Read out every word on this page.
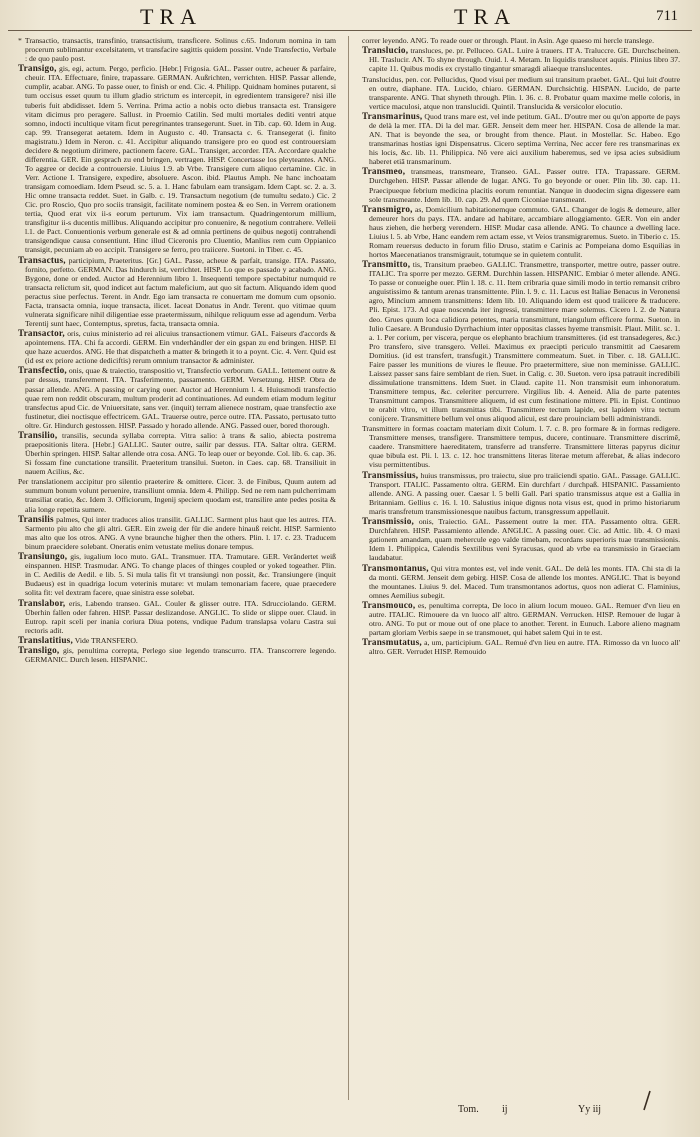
TRA	TRA	711

* Transactio, transactis, transfinio, transactisium, transficere. Solinus c.65. Indorum nomina in tam procerum sublimantur excelsitatem, vt transfacire sagittis quidem possint. Vnde Transfectio, Verbale : de quo paulo post.

Transigo, gis, egi, actum. Pergo, perficio. [Hebr.] Frigosia. GAL. Passer outre, acheuer & parfaire, cheuir. ITA. Effectuare, finire, trapassare. GERMAN. Außrichten, verrichten. HISP. Passar allende, cumplir, acabar. ANG. To passe ouer, to finish or end. Cic. 4. Philipp. Quidnam homines putarent, si tum occisus esset quum tu illum gladio strictum es intercepit, in egredientem transigere? nisi ille tuberis fuit abdidisset. Idem 5. Verrina. Prima actio a nobis octo diebus transacta est. Transigere vitam dicimus pro peragere. Sallust. in Proemio Catilin. Sed multi mortales dediti ventri atque somno, indocti incultique vitam ficut peregrinantes transegerunt. Suet. in Tib. cap. 60. Idem in Aug. cap. 99. Transegerat aetatem. Idem in Augusto c. 40. Transacta c. 6. Transegerat (i. finito magistratu.) Idem in Neron. c. 41. Accipitur aliquando transigere pro eo quod est controuersiam decidere & negotium dirimere, pactionem facere. GAL. Transiger, accorder. ITA. Accordare qualche differentia. GER. Ein gesprach zu end bringen, vertragen. HISP. Concertasse los pleyteantes. ANG. To aggree or decide a controuersie. Liuius 1.9. ab Vrbe. Transigere cum aliquo certamine. Cic. in Verr. Actione I. Transigere, expedire, absoluere. Ascon. ibid. Plautus Amph. Ne hanc inchoatam transigam comoediam. Idem Pseud. sc. 5. a. 1. Hanc fabulam eam transigam. Idem Capt. sc. 2. a. 3. Hic omne transacta reddet. Suet. in Galb. c. 19. Transactum negotium (de tumultu sedato.) Cic. 2 Cic. pro Roscio, Quo pro sociis transigit, facilitate nominem postea & eo Sen. in Verrem orationem tertia, Quod erat vix ii-s eorum perturum. Vix iam transactum. Quadringentorum millium, transfigitur ii-s ducentis millibus. Aliquando accipitur pro conuenire, & negotium contrahere. Velleii l.1. de Pact. Conuentionis verbum generale est & ad omnia pertinens de quibus negotij contrahendi transigendique causa consentiunt. Hinc illud Ciceronis pro Cluentio, Manlius rem cum Oppianico transigit, pecuniam ab eo accipit. Transigere se ferro, pro traiicere. Suetoni. in Tiber. c. 45.

Transactus, participium, Praeteritus. [Gr.] GAL. Passe, acheue & parfait, transige. ITA. Passato, fornito, perfetto. GERMAN. Das hindurch ist, verrichtet. HISP. Lo que es passado y acabado. ANG. Bygone, done or ended. Auctor ad Herennium libro 1. Insequenti tempore spectabitur numquid re transacta relictum sit, quod indicet aut factum maleficium, aut quo sit factum. Aliquando idem quod peractus siue perfectus. Terent. in Andr. Ego iam transacta re conuertam me domum cum opsonio. Facta, transacta omnia, iuque transacta, ilicet. Iaceat Donatus in Andr. Terent. quo vitimae quum vulnerata significare nihil diligentiae esse praetermissum, nihilque reliquum esse ad agendum. Verba Terentij sunt haec, Contemptus, spretus, facta, transacta omnia.

Transactor, oris, cuius ministerio ad rei alicuius transactionem vtimur. GAL. Faiseurs d'accords & apointemens. ITA. Chi fa accordi. GERM. Ein vnderhändler der ein gspan zu end bringen. HISP. El que haze acuerdos. ANG. He that dispatcheth a matter & bringeth it to a poynt. Cic. 4. Verr. Quid est (id est ex priore actione dediciftis) rerum omnium transactor & administer.

Transfectio, onis, quae & traiectio, transpositio vt, Transfectio verborum. GALL. Iettement outre & par dessus, transferement. ITA. Trasferimento, passamento. GERM. Versetzung. HISP. Obra de passar allende. ANG. A passing or carying ouer. Auctor ad Herennium l. 4. Huiusmodi transfectio quae rem non reddit obscuram, multum proderit ad continuationes. Ad eundem etiam modum legitur transfectus apud Cic. de Vniuersitate, sans ver. (inquit) terram alienece nostram, quae transfectio axe fustinetur, diei noctisque effectricem. GAL. Trauerse outre, perce outre. ITA. Passato, pertusato tutto oltre. Gr. Hindurch gestossen. HISP. Passado y horado allende. ANG. Passed ouer, bored thorough.

Transilio, transilis, secunda syllaba correpta. Vitra salio: à trans & salio, abiecta postrema praepositionis litera. [Hebr.] GALLIC. Sauter outre, sailir par dessus. ITA. Saltar oltra. GERM. Überhin springen. HISP. Saltar allende otra cosa. ANG. To leap ouer or beyonde. Col. lib. 6. cap. 36. Si fossam fine cunctatione transilit. Praeteritum transilui. Sueton. in Caes. cap. 68. Transiliuit in nauem Acilius, &c.

Per translationem accipitur pro silentio praeterire & omittere. Cicer. 3. de Finibus, Quum autem ad summum bonum volunt peruenire, transiliunt omnia. Idem 4. Philipp. Sed ne rem nam pulcherrimam transiliat oratio, &c. Idem 3. Officiorum, Ingenij speciem quodam est, transilire ante pedes posita & alia longe repetita sumere.

Transilis palmes, Qui inter traduces alios transilit. GALLIC. Sarment plus haut que les autres. ITA. Sarmento piu alto che gli altri. GER. Ein zweig der für die andere hinauß reicht. HISP. Sarmiento mas alto que los otros. ANG. A vyne braunche higher then the others. Plin. l. 17. c. 23. Traducem binum praecidere solebant. Oneratis enim vetustate melius donare tempus.

Transiungo, gis, iugalium loco muto. GAL. Transmuer. ITA. Tramutare. GER. Verändertet weiß einspannen. HISP. Trasmudar. ANG. To change places of thinges coupled or yoked togeather. Plin. in C. Aedilis de Aedil. e lib. 5. Si mula talis fit vt transiungi non possit, &c. Transiungere (inquit Budaeus) est in quadriga locum veterinis mutare: vt mulam temonariam facere, quae praecedere solita fit: vel dextram facere, quae sinistra esse solebat.

Translabor, eris, Labendo transeo. GAL. Couler & glisser outre. ITA. Sdrucciolando. GERM. Überhin fallen oder fahren. HISP. Passar deslizandose. ANGLIC. To slide or slippe ouer. Claud. in Eutrop. rapit sceli per inania coriura Diua potens, vndique Padum translapsa volaru Castra sui rectoris adit.

Translatitius, Vide TRANSFERO.

Transligo, gis, penultima correpta, Perlego siue legendo transcurro. ITA. Transcorrere legendo. GERMANIC. Durch lesen. HISPANIC.

correr leyendo. ANG. To reade ouer or through. Plaut. in Asin. Age quaeso mi hercle translege.

Translucio, transluces, pe. pr. Pelluceo. GAL. Luire à trauers. IT A. Traluccre. GE. Durchscheinen. HI. Traslucir. AN. To shyne through. Ouid. l. 4. Metam. In liquidis translucet aquis. Plinius libro 37. capite 11. Quibus modis ex crystallo tingantur smaragdi aliaeque translucentes.

Translucidus, pen. cor. Pellucidus, Quod visui per medium sui transitum praebet. GAL. Qui luit d'outre en outre, diaphane. ITA. Lucido, chiaro. GERMAN. Durchsichtig. HISPAN. Lucido, de parte transparente. ANG. That shyneth through. Plin. l. 36. c. 8. Probatur quam maxime melle coloris, in vertice maculosi, atque non translucidi. Quintil. Translucida & versicolor elocutio.

Transmarinus, Quod trans mare est, vel inde petitum. GAL. D'outre mer ou qu'on apporte de pays de delà la mer. ITA. Di la del mar. GER. Jenseit dem meer her. HISPAN. Cosa de allende la mar. AN. That is beyonde the sea, or brought from thence. Plaut. in Mostellar. Sc. Habeo. Ego transmarinas hostias igni Dispensatrus. Cicero septima Verrina, Nec accer fere res transmarinas ex his locis, &c. lib. 11. Philippica. Nō vere aici auxilium haberemus, sed ve ipsa acies subsidium haberet etiā transmarinum.

Transmeo, transmeas, transmeare, Transeo. GAL. Passer outre. ITA. Trapassare. GERM. Durchgehen. HISP. Passar allende de lugar. ANG. To go beyonde or ouer. Plin lib. 30. cap. 11. Praecipueque febrium medicina placitis eorum renuntiat. Nanque in duodecim signa digessere eam sole transmeante. Idem lib. 10. cap. 29. Ad quem Ciconiae transmeant.

Transmigro, as, Domicilium habitationemque commuto. GAL. Changer de logis & demeure, aller demeurer hors du pays. ITA. andare ad habitare, accambiare alloggiamento. GER. Von ein ander haus ziehen, die herberg verendern. HISP. Mudar casa allende. ANG. To chaunce a dwelling lace. Liuius l. 5. ab Vrbe, Hanc eandem rem actam esse, vt Veios transmigraremus. Sueto. in Tiberio c. 15. Romam reuersus deducto in forum filio Druso, statim e Carinis ac Pompeiana domo Esquilias in hortos Maecenatianos transmigrauit, totumque se in quietem contulit.

Transmitto, tis, Transitum praebeo. GALLIC. Transmettre, transporter, mettre outre, passer outre. ITALIC. Tra sporre per mezzo. GERM. Durchhin lassen. HISPANIC. Embiar ó meter allende. ANG. To passe or conueighe ouer. Plin l. 18. c. 11. Item cribraria quae simili modo in tertio remansit cribro anguistissimo & tantum arenas transmittente. Plin. l. 9. c. 11. Lacus est Italiae Benacus in Veronensi agro, Mincium amnem transmittens: Idem lib. 10. Aliquando idem est quod traiicere & traducere. Pli. Epist. 173. Ad quae noscenda iter ingressi, transmittere mare solemus. Cicero l. 2. de Natura deo. Grues quum loca calidiora petentes, maria transmittunt, triangulum efficere forma. Sueton. in Iulio Caesare. A Brundusio Dyrrhachium inter oppositas classes hyeme transmisit. Plaut. Milit. sc. 1. a. 1. Per corium, per viscera, perque os elephanto brachium transmitteres. (id est transadegeres, &c.) Pro transfero, sive transgero. Vellei. Maximus ex praecipti periculo transmittit ad Caesarem Domitius. (id est transfert, transfugit.) Transmittere commeatum. Suet. in Tiber. c. 18. GALLIC. Faire passer les munitions de viures le fleuue. Pro praetermittere, siue non meminisse. GALLIC. Laissez passer sans faire semblant de rien. Suet. in Calig. c. 30. Sueton. vero ipsa patrauit incredibili dissimulatione transmittens. Idem Suet. in Claud. capite 11. Non transmisit eum inhonoratum. Transmittere tempus, &c. celeriter percurrere. Virgilius lib. 4. Aeneid. Alia de parte patentes Transmittunt campos. Transmittere aliquem, id est cum festinatione mittere. Pli. in Epist. Continuo te orabit vltro, vt illum transmittas tibi. Transmittere tectum lapide, est lapidem vitra tectum conijcere. Transmittere bellum vel onus aliquod alicui, est dare prouinciam belli administrandi.

Transmittere in formas coactam materiam dixit Colum. l. 7. c. 8. pro formare & in formas redigere. Transmittere menses, transfigere. Transmittere tempus, ducere, continuare. Transmittere discrimē, caadere. Transmittere haereditatem, transferre ad transferre. Transmittere litteras papyrus dicitur quae bibula est. Pli. l. 13. c. 12. hoc transmittens literas literae metum afferebat, & alias indecoro visu permittentibus.

Transmissius, huius transmissus, pro traiectu, siue pro traiiciendi spatio. GAL. Passage. GALLIC. Transport. ITALIC. Passamento oltra. GERM. Ein durchfart / durchpaß. HISPANIC. Passamiento allende. ANG. A passing ouer. Caesar l. 5 belli Gall. Pari spatio transmissus atque est a Gallia in Britanniam. Gellius c. 16. l. 10. Salustius inique dignus nota visus est, quod in primo historiarum maris transfretum transmissionesque nauibus factum, transgressum appellauit.

Transmissio, onis, Traiectio. GAL. Passement outre la mer. ITA. Passamento oltra. GER. Durchfahren. HISP. Passamiento allende. ANGLIC. A passing ouer. Cic. ad Attic. lib. 4. O maxi gationem amandam, quam mehercule ego valde timebam, recordans superioris tuae transmissionis. Idem 1. Philippica, Calendis Sextilibus veni Syracusas, quod ab vrbe ea transmissio in Graeciam laudabatur.

Transmontanus, Qui vitra montes est, vel inde venit. GAL. De delà les monts. ITA. Chi sta di la da monti. GERM. Jenseit dem gebirg. HISP. Cosa de allende los montes. ANGLIC. That is beyond the mountanes. Liuius 9. del. Maced. Tum transmontanos adortus, quos non adierat C. Flaminius, omnes Aemilius subegit.

Transmouco, es, penultima correpta, De loco in alium locum moueo. GAL. Remuer d'vn lieu en autre. ITALIC. Rimouere da vn luoco all' altro. GERMAN. Verrucken. HISP. Remouer de lugar à otro. ANG. To put or moue out of one place to another. Terent. in Eunuch. Labore alieno magnam partam gloriam Verbis saepe in se transmouet, qui habet salem Qui in te est.

Transmutatus, a, um, participium. GAL. Remué d'vn lieu en autre. ITA. Rimosso da vn luoco all' altro. GER. Verrudet HISP. Remouido

Tom. ij	Yy iij
